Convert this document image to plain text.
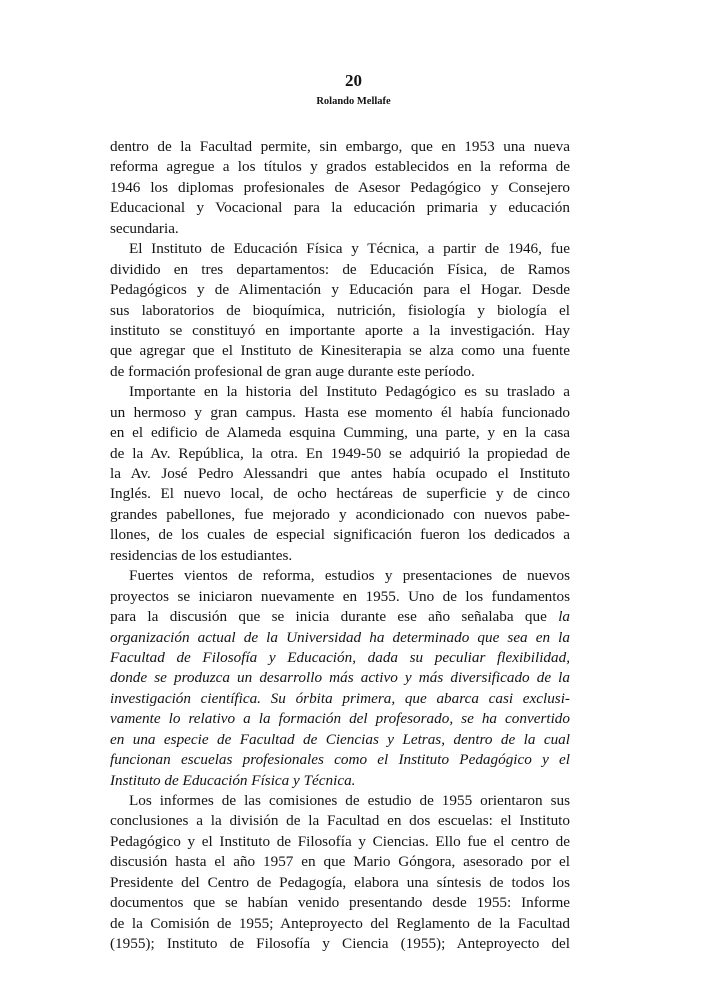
20
Rolando Mellafe
dentro de la Facultad permite, sin embargo, que en 1953 una nueva
reforma agregue a los títulos y grados establecidos en la reforma de
1946 los diplomas profesionales de Asesor Pedagógico y Consejero
Educacional y Vocacional para la educación primaria y educación
secundaria.
El Instituto de Educación Física y Técnica, a partir de 1946, fue
dividido en tres departamentos: de Educación Física, de Ramos
Pedagógicos y de Alimentación y Educación para el Hogar. Desde
sus laboratorios de bioquímica, nutrición, fisiología y biología el
instituto se constituyó en importante aporte a la investigación. Hay
que agregar que el Instituto de Kinesiterapia se alza como una fuente
de formación profesional de gran auge durante este período.
Importante en la historia del Instituto Pedagógico es su traslado a
un hermoso y gran campus. Hasta ese momento él había funcionado
en el edificio de Alameda esquina Cumming, una parte, y en la casa
de la Av. República, la otra. En 1949-50 se adquirió la propiedad de
la Av. José Pedro Alessandri que antes había ocupado el Instituto
Inglés. El nuevo local, de ocho hectáreas de superficie y de cinco
grandes pabellones, fue mejorado y acondicionado con nuevos pabe-
llones, de los cuales de especial significación fueron los dedicados a
residencias de los estudiantes.
Fuertes vientos de reforma, estudios y presentaciones de nuevos
proyectos se iniciaron nuevamente en 1955. Uno de los fundamentos
para la discusión que se inicia durante ese año señalaba que la
organización actual de la Universidad ha determinado que sea en la
Facultad de Filosofía y Educación, dada su peculiar flexibilidad,
donde se produzca un desarrollo más activo y más diversificado de la
investigación científica. Su órbita primera, que abarca casi exclusi-
vamente lo relativo a la formación del profesorado, se ha convertido
en una especie de Facultad de Ciencias y Letras, dentro de la cual
funcionan escuelas profesionales como el Instituto Pedagógico y el
Instituto de Educación Física y Técnica.
Los informes de las comisiones de estudio de 1955 orientaron sus
conclusiones a la división de la Facultad en dos escuelas: el Instituto
Pedagógico y el Instituto de Filosofía y Ciencias. Ello fue el centro de
discusión hasta el año 1957 en que Mario Góngora, asesorado por el
Presidente del Centro de Pedagogía, elabora una síntesis de todos los
documentos que se habían venido presentando desde 1955: Informe
de la Comisión de 1955; Anteproyecto del Reglamento de la Facultad
(1955); Instituto de Filosofía y Ciencia (1955); Anteproyecto del
